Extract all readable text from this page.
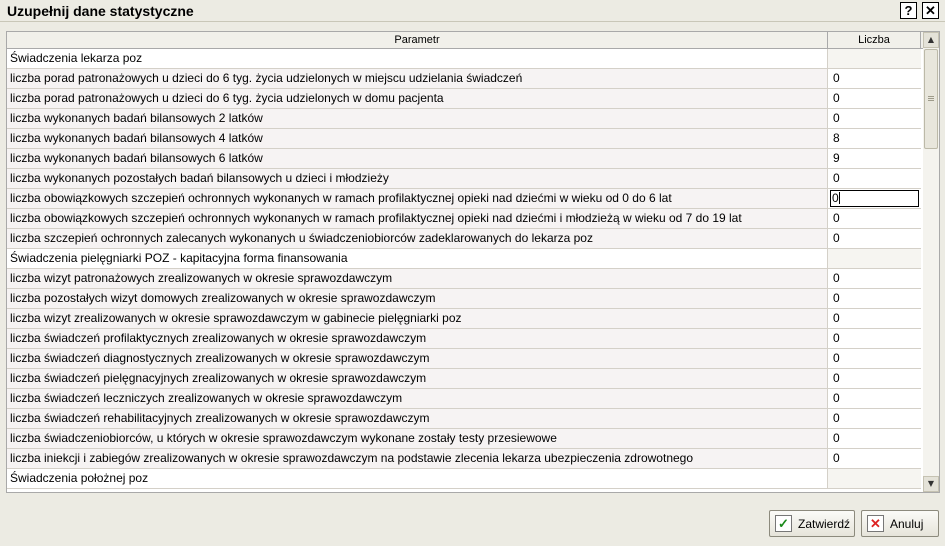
Uzupełnij dane statystyczne	? ✕
Parametr	Liczba
Świadczenia lekarza poz
liczba porad patronażowych u dzieci do 6 tyg. życia udzielonych w miejscu udzielania świadczeń	0
liczba porad patronażowych u dzieci do 6 tyg. życia udzielonych w domu pacjenta	0
liczba wykonanych badań bilansowych 2 latków	0
liczba wykonanych badań bilansowych 4 latków	8
liczba wykonanych badań bilansowych 6 latków	9
liczba wykonanych pozostałych badań bilansowych u dzieci i młodzieży	0
liczba obowiązkowych szczepień ochronnych wykonanych w ramach profilaktycznej opieki nad dziećmi w wieku od 0 do 6 lat	0
liczba obowiązkowych szczepień ochronnych wykonanych w ramach profilaktycznej opieki nad dziećmi i młodzieżą w wieku od 7 do 19 lat	0
liczba szczepień ochronnych zalecanych wykonanych u świadczeniobiorców zadeklarowanych do lekarza poz	0
Świadczenia pielęgniarki POZ - kapitacyjna forma finansowania
liczba wizyt patronażowych zrealizowanych w okresie sprawozdawczym	0
liczba pozostałych wizyt domowych zrealizowanych w okresie sprawozdawczym	0
liczba wizyt zrealizowanych w okresie sprawozdawczym w gabinecie pielęgniarki poz	0
liczba świadczeń profilaktycznych zrealizowanych w okresie sprawozdawczym	0
liczba świadczeń diagnostycznych zrealizowanych w okresie sprawozdawczym	0
liczba świadczeń pielęgnacyjnych zrealizowanych w okresie sprawozdawczym	0
liczba świadczeń leczniczych zrealizowanych w okresie sprawozdawczym	0
liczba świadczeń rehabilitacyjnych zrealizowanych w okresie sprawozdawczym	0
liczba świadczeniobiorców, u których w okresie sprawozdawczym wykonane zostały testy przesiewowe	0
liczba iniekcji i zabiegów zrealizowanych w okresie sprawozdawczym na podstawie zlecenia lekarza ubezpieczenia zdrowotnego	0
Świadczenia położnej poz
▲
▼
✓ Zatwierdź ✕ Anuluj
